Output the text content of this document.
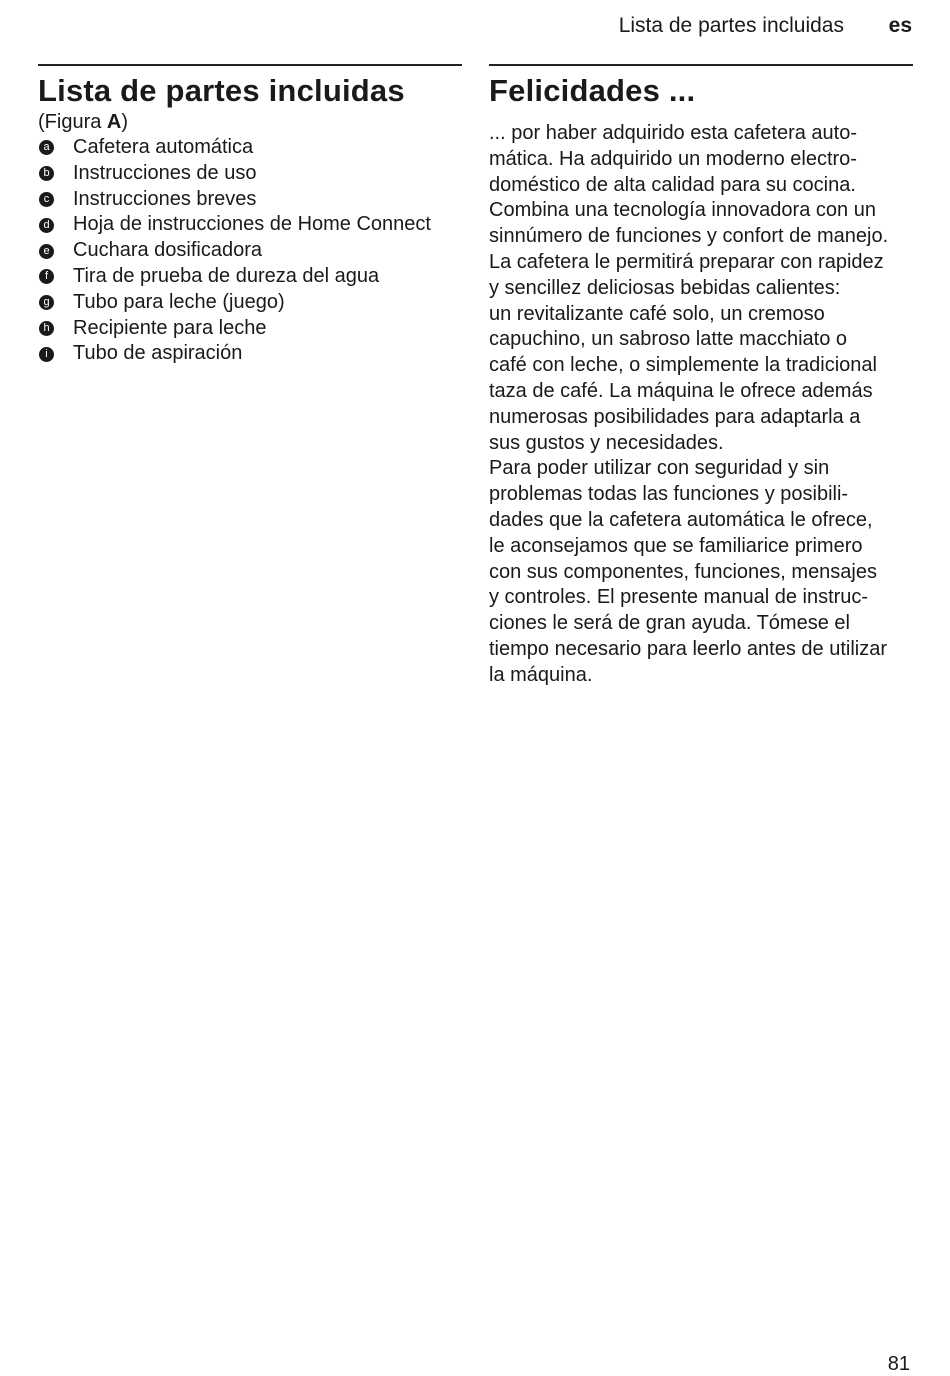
Lista de partes incluidas es
Lista de partes incluidas
(Figura A)
a Cafetera automática
b Instrucciones de uso
c Instrucciones breves
d Hoja de instrucciones de Home Connect
e Cuchara dosificadora
f Tira de prueba de dureza del agua
g Tubo para leche (juego)
h Recipiente para leche
i	Tubo de aspiración
Felicidades ...

... por haber adquirido esta cafetera auto-

mática. Ha adquirido un moderno electro-

doméstico de alta calidad para su cocina.

Combina una tecnología innovadora con un

sinnúmero de funciones y confort de manejo.

La cafetera le permitirá preparar con rapidez

y sencillez deliciosas bebidas calientes:

un revitalizante café solo, un cremoso

capuchino, un sabroso latte macchiato o

café con leche, o simplemente la tradicional

taza de café. La máquina le ofrece además

numerosas posibilidades para adaptarla a

sus gustos y necesidades.

Para poder utilizar con seguridad y sin

problemas todas las funciones y posibili-

dades que la cafetera automática le ofrece,

le aconsejamos que se familiarice primero

con sus componentes, funciones, mensajes

y controles. El presente manual de instruc-

ciones le será de gran ayuda. Tómese el

tiempo necesario para leerlo antes de utilizar

la máquina.

81
